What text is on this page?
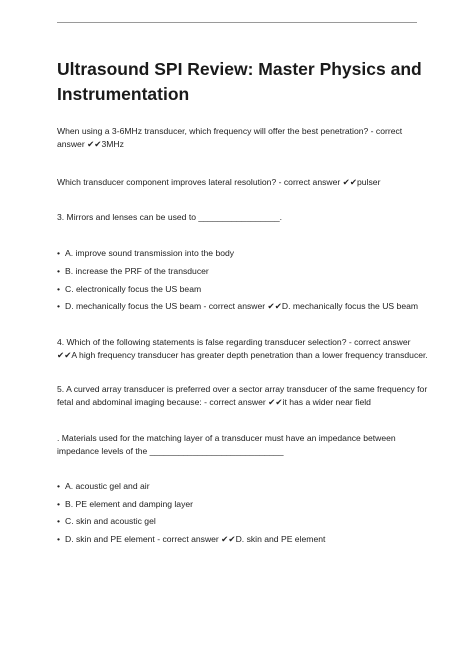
Ultrasound SPI Review: Master Physics and Instrumentation
When using a 3-6MHz transducer, which frequency will offer the best penetration? - correct answer ✔✔3MHz
Which transducer component improves lateral resolution? - correct answer ✔✔pulser
3. Mirrors and lenses can be used to _________________.
• A. improve sound transmission into the body
• B. increase the PRF of the transducer
• C. electronically focus the US beam
• D. mechanically focus the US beam - correct answer ✔✔D. mechanically focus the US beam
4. Which of the following statements is false regarding transducer selection? - correct answer ✔✔A high frequency transducer has greater depth penetration than a lower frequency transducer.
5. A curved array transducer is preferred over a sector array transducer of the same frequency for fetal and abdominal imaging because: - correct answer ✔✔it has a wider near field
. Materials used for the matching layer of a transducer must have an impedance between impedance levels of the ____________________________
• A. acoustic gel and air
• B. PE element and damping layer
• C. skin and acoustic gel
• D. skin and PE element - correct answer ✔✔D. skin and PE element
